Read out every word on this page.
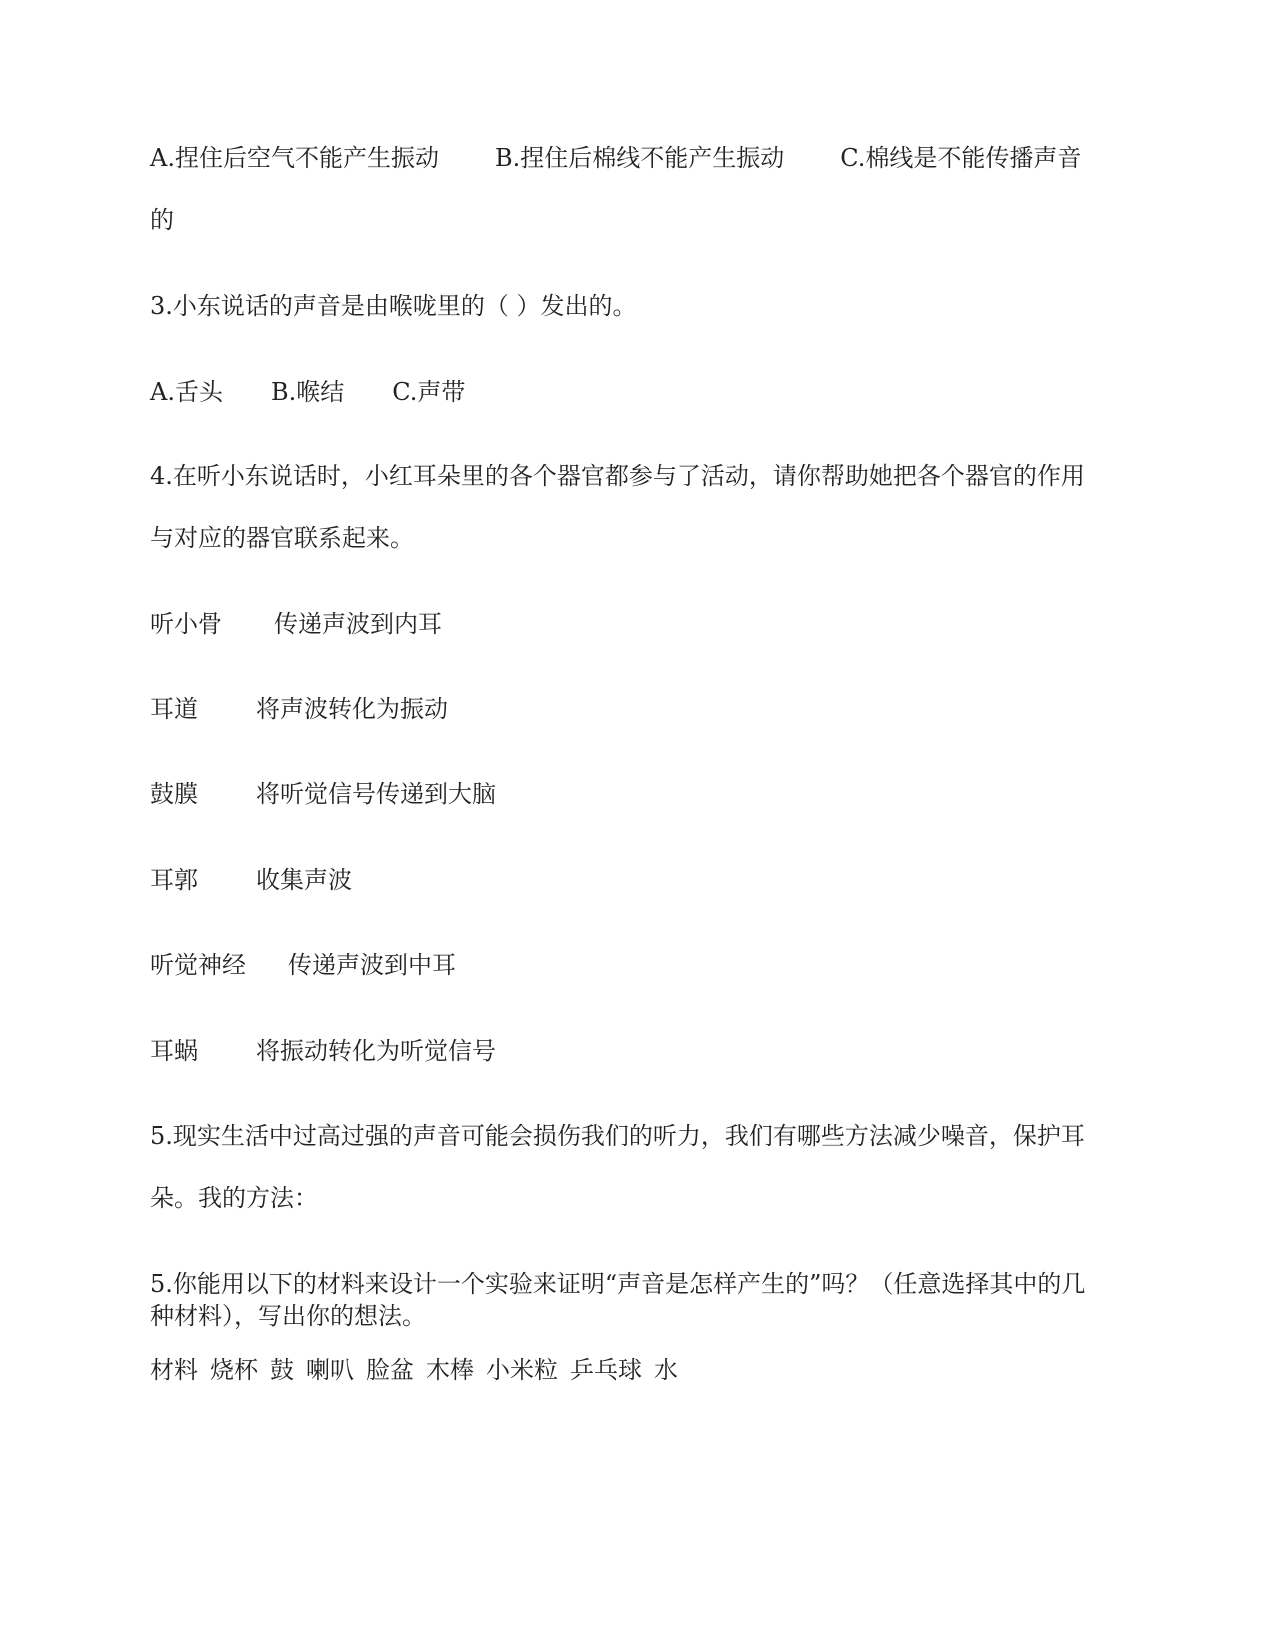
A.捏住后空气不能产生振动 B.捏住后棉线不能产生振动 C.棉线是不能传播声音
的
3.小东说话的声音是由喉咙里的（ ）发出的。
A.舌头 B.喉结 C.声带
4.在听小东说话时，小红耳朵里的各个器官都参与了活动，请你帮助她把各个器官的作用
与对应的器官联系起来。
听小骨 传递声波到内耳
耳道 将声波转化为振动
鼓膜 将听觉信号传递到大脑
耳郭 收集声波
听觉神经 传递声波到中耳
耳蜗 将振动转化为听觉信号
5.现实生活中过高过强的声音可能会损伤我们的听力，我们有哪些方法减少噪音，保护耳
朵。我的方法：
5.你能用以下的材料来设计一个实验来证明“声音是怎样产生的”吗？（任意选择其中的几
种材料），写出你的想法。
材料 烧杯 鼓 喇叭 脸盆 木棒 小米粒 乒乓球 水
